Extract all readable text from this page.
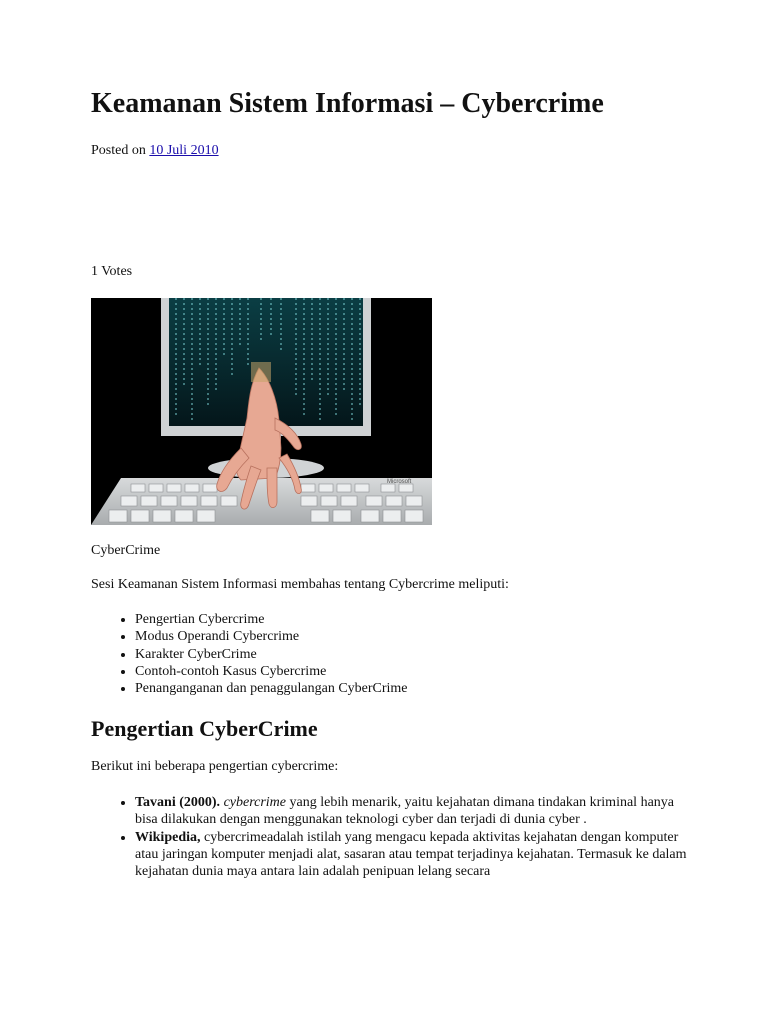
Keamanan Sistem Informasi – Cybercrime

Posted on 10 Juli 2010

1 Votes

Microsoft

CyberCrime

Sesi Keamanan Sistem Informasi membahas tentang Cybercrime meliputi:

• Pengertian Cybercrime
• Modus Operandi Cybercrime
• Karakter CyberCrime
• Contoh-contoh Kasus Cybercrime
• Penanganganan dan penaggulangan CyberCrime
Pengertian CyberCrime

Berikut ini beberapa pengertian cybercrime:

• Tavani (2000). cybercrime yang lebih menarik, yaitu kejahatan dimana tindakan kriminal hanya bisa dilakukan dengan menggunakan teknologi cyber dan terjadi di dunia cyber .
• Wikipedia, cybercrimeadalah istilah yang mengacu kepada aktivitas kejahatan dengan komputer atau jaringan komputer menjadi alat, sasaran atau tempat terjadinya kejahatan. Termasuk ke dalam kejahatan dunia maya antara lain adalah penipuan lelang secara
